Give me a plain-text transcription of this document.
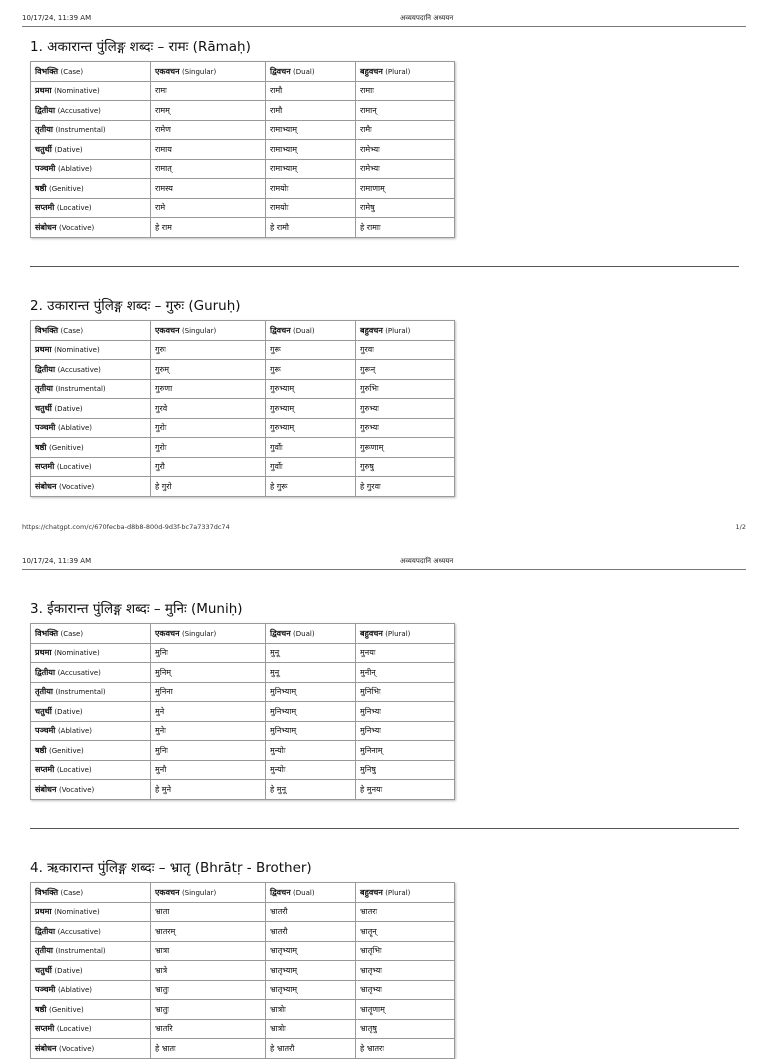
10/17/24, 11:39 AM	अव्ययपदानि अध्ययन
1. अकारान्त पुंलिङ्ग शब्दः – रामः (Rāmaḥ)
विभक्ति (Case)	एकवचन (Singular)	द्विवचन (Dual)	बहुवचन (Plural)
प्रथमा (Nominative)	रामः	रामौ	रामाः
द्वितीया (Accusative)	रामम्	रामौ	रामान्
तृतीया (Instrumental)	रामेण	रामाभ्याम्	रामैः
चतुर्थी (Dative)	रामाय	रामाभ्याम्	रामेभ्यः
पञ्चमी (Ablative)	रामात्	रामाभ्याम्	रामेभ्यः
षष्ठी (Genitive)	रामस्य	रामयोः	रामाणाम्
सप्तमी (Locative)	रामे	रामयोः	रामेषु
संबोधन (Vocative)	हे राम	हे रामौ	हे रामाः
2. उकारान्त पुंलिङ्ग शब्दः – गुरुः (Guruḥ)
विभक्ति (Case)	एकवचन (Singular)	द्विवचन (Dual)	बहुवचन (Plural)
प्रथमा (Nominative)	गुरुः	गुरू	गुरवः
द्वितीया (Accusative)	गुरुम्	गुरू	गुरून्
तृतीया (Instrumental)	गुरुणा	गुरुभ्याम्	गुरुभिः
चतुर्थी (Dative)	गुरवे	गुरुभ्याम्	गुरुभ्यः
पञ्चमी (Ablative)	गुरोः	गुरुभ्याम्	गुरुभ्यः
षष्ठी (Genitive)	गुरोः	गुर्वोः	गुरूणाम्
सप्तमी (Locative)	गुरौ	गुर्वोः	गुरुषु
संबोधन (Vocative)	हे गुरो	हे गुरू	हे गुरवः
https://chatgpt.com/c/670fecba-d8b8-800d-9d3f-bc7a7337dc74	1/2
10/17/24, 11:39 AM	अव्ययपदानि अध्ययन
3. ईकारान्त पुंलिङ्ग शब्दः – मुनिः (Muniḥ)
विभक्ति (Case)	एकवचन (Singular)	द्विवचन (Dual)	बहुवचन (Plural)
प्रथमा (Nominative)	मुनिः	मुनू	मुनयः
द्वितीया (Accusative)	मुनिम्	मुनू	मुनीन्
तृतीया (Instrumental)	मुनिना	मुनिभ्याम्	मुनिभिः
चतुर्थी (Dative)	मुने	मुनिभ्याम्	मुनिभ्यः
पञ्चमी (Ablative)	मुनेः	मुनिभ्याम्	मुनिभ्यः
षष्ठी (Genitive)	मुनिः	मुन्योः	मुनिनाम्
सप्तमी (Locative)	मुनौ	मुन्योः	मुनिषु
संबोधन (Vocative)	हे मुने	हे मुनू	हे मुनयः
4. ऋकारान्त पुंलिङ्ग शब्दः – भ्रातृ (Bhrātṛ - Brother)
विभक्ति (Case)	एकवचन (Singular)	द्विवचन (Dual)	बहुवचन (Plural)
प्रथमा (Nominative)	भ्राता	भ्रातरौ	भ्रातरः
द्वितीया (Accusative)	भ्रातरम्	भ्रातरौ	भ्रातॄन्
तृतीया (Instrumental)	भ्रात्रा	भ्रातृभ्याम्	भ्रातृभिः
चतुर्थी (Dative)	भ्रात्रे	भ्रातृभ्याम्	भ्रातृभ्यः
पञ्चमी (Ablative)	भ्रातुः	भ्रातृभ्याम्	भ्रातृभ्यः
षष्ठी (Genitive)	भ्रातुः	भ्रात्रोः	भ्रातॄणाम्
सप्तमी (Locative)	भ्रातरि	भ्रात्रोः	भ्रातृषु
संबोधन (Vocative)	हे भ्रातः	हे भ्रातरौ	हे भ्रातरः
